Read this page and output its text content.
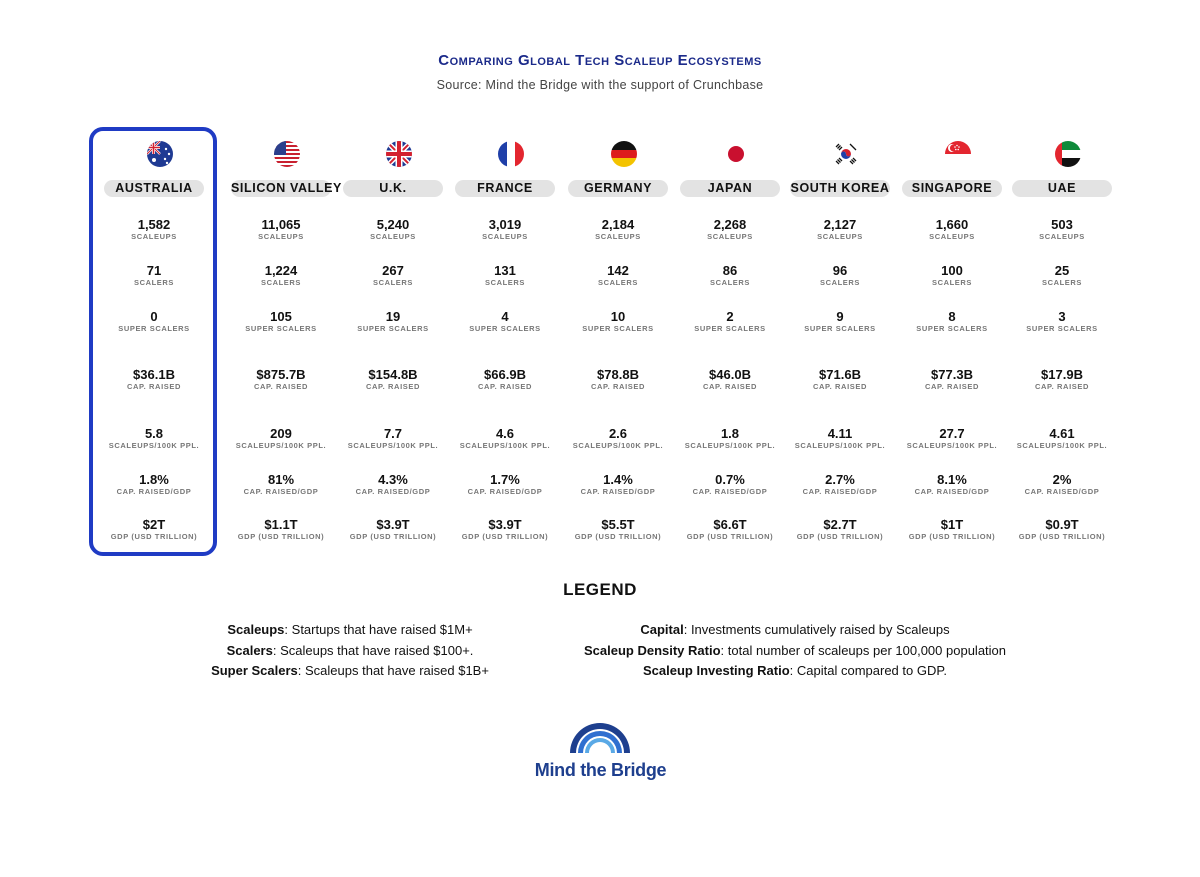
Comparing Global Tech Scaleup Ecosystems
Source: Mind the Bridge with the support of Crunchbase
AUSTRALIA
1,582
SCALEUPS
71
SCALERS
0
SUPER SCALERS
$36.1B
CAP. RAISED
5.8
SCALEUPS/100K PPL.
1.8%
CAP. RAISED/GDP
$2T
GDP (USD TRILLION)
SILICON VALLEY
11,065
SCALEUPS
1,224
SCALERS
105
SUPER SCALERS
$875.7B
CAP. RAISED
209
SCALEUPS/100K PPL.
81%
CAP. RAISED/GDP
$1.1T
GDP (USD TRILLION)
U.K.
5,240
SCALEUPS
267
SCALERS
19
SUPER SCALERS
$154.8B
CAP. RAISED
7.7
SCALEUPS/100K PPL.
4.3%
CAP. RAISED/GDP
$3.9T
GDP (USD TRILLION)
FRANCE
3,019
SCALEUPS
131
SCALERS
4
SUPER SCALERS
$66.9B
CAP. RAISED
4.6
SCALEUPS/100K PPL.
1.7%
CAP. RAISED/GDP
$3.9T
GDP (USD TRILLION)
GERMANY
2,184
SCALEUPS
142
SCALERS
10
SUPER SCALERS
$78.8B
CAP. RAISED
2.6
SCALEUPS/100K PPL.
1.4%
CAP. RAISED/GDP
$5.5T
GDP (USD TRILLION)
JAPAN
2,268
SCALEUPS
86
SCALERS
2
SUPER SCALERS
$46.0B
CAP. RAISED
1.8
SCALEUPS/100K PPL.
0.7%
CAP. RAISED/GDP
$6.6T
GDP (USD TRILLION)
SOUTH KOREA
2,127
SCALEUPS
96
SCALERS
9
SUPER SCALERS
$71.6B
CAP. RAISED
4.11
SCALEUPS/100K PPL.
2.7%
CAP. RAISED/GDP
$2.7T
GDP (USD TRILLION)
SINGAPORE
1,660
SCALEUPS
100
SCALERS
8
SUPER SCALERS
$77.3B
CAP. RAISED
27.7
SCALEUPS/100K PPL.
8.1%
CAP. RAISED/GDP
$1T
GDP (USD TRILLION)
UAE
503
SCALEUPS
25
SCALERS
3
SUPER SCALERS
$17.9B
CAP. RAISED
4.61
SCALEUPS/100K PPL.
2%
CAP. RAISED/GDP
$0.9T
GDP (USD TRILLION)
LEGEND
Scaleups: Startups that have raised $1M+
Scalers: Scaleups that have raised $100+.
Super Scalers: Scaleups that have raised $1B+
Capital: Investments cumulatively raised by Scaleups
Scaleup Density Ratio: total number of scaleups per 100,000 population
Scaleup Investing Ratio: Capital compared to GDP.
Mind the Bridge
